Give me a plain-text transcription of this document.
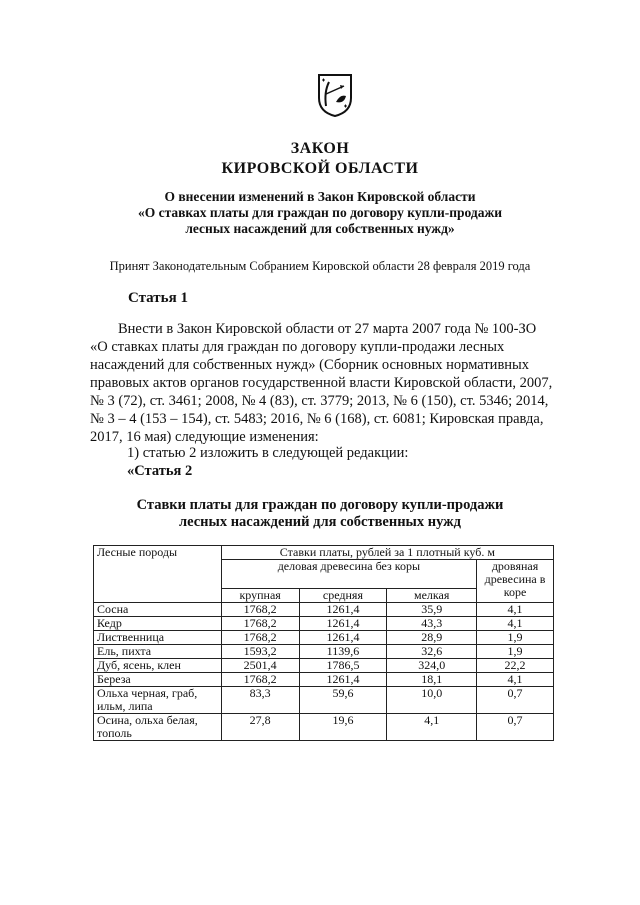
ЗАКОН
КИРОВСКОЙ ОБЛАСТИ
О внесении изменений в Закон Кировской области
«О ставках платы для граждан по договору купли-продажи
лесных насаждений для собственных нужд»
Принят Законодательным Собранием Кировской области 28 февраля 2019 года
Статья 1
Внести в Закон Кировской области от 27 марта 2007 года № 100-ЗО
«О ставках платы для граждан по договору купли-продажи лесных
насаждений для собственных нужд» (Сборник основных нормативных
правовых актов органов государственной власти Кировской области, 2007,
№ 3 (72), ст. 3461; 2008, № 4 (83), ст. 3779; 2013, № 6 (150), ст. 5346; 2014,
№ 3 – 4 (153 – 154), ст. 5483; 2016, № 6 (168), ст. 6081; Кировская правда,
2017, 16 мая) следующие изменения:
1) статью 2 изложить в следующей редакции:
«Статья 2
Ставки платы для граждан по договору купли-продажи
лесных насаждений для собственных нужд
Лесные породы	Ставки платы, рублей за 1 плотный куб. м			
	деловая древесина без коры			дровяная древесина в коре
	крупная	средняя	мелкая	
Сосна	1768,2	1261,4	35,9	4,1
Кедр	1768,2	1261,4	43,3	4,1
Лиственница	1768,2	1261,4	28,9	1,9
Ель, пихта	1593,2	1139,6	32,6	1,9
Дуб, ясень, клен	2501,4	1786,5	324,0	22,2
Береза	1768,2	1261,4	18,1	4,1
Ольха черная, граб, ильм, липа	83,3	59,6	10,0	0,7
Осина, ольха белая, тополь	27,8	19,6	4,1	0,7
